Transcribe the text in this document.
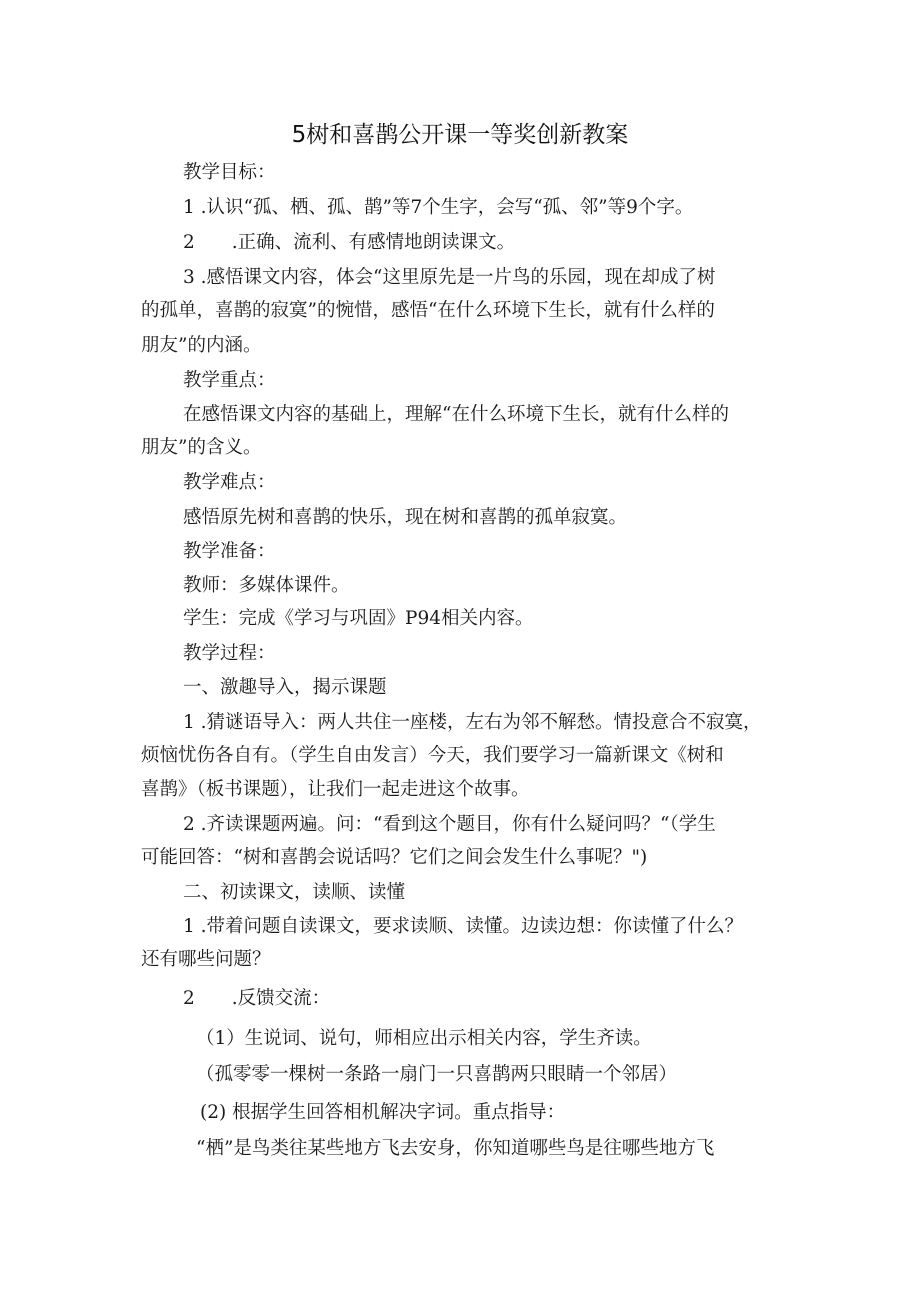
5树和喜鹊公开课一等奖创新教案
教学目标：
1 .认识“孤、栖、孤、鹊”等7个生字，会写“孤、邻”等9个字。
2　　.正确、流利、有感情地朗读课文。
3 .感悟课文内容，体会“这里原先是一片鸟的乐园，现在却成了树
的孤单，喜鹊的寂寞”的惋惜，感悟“在什么环境下生长，就有什么样的
朋友”的内涵。
教学重点：
在感悟课文内容的基础上，理解“在什么环境下生长，就有什么样的
朋友”的含义。
教学难点：
感悟原先树和喜鹊的快乐，现在树和喜鹊的孤单寂寞。
教学准备：
教师：多媒体课件。
学生：完成《学习与巩固》P94相关内容。
教学过程：
一、激趣导入，揭示课题
1 .猜谜语导入：两人共住一座楼，左右为邻不解愁。情投意合不寂寞，
烦恼忧伤各自有。（学生自由发言）今天，我们要学习一篇新课文《树和
喜鹊》（板书课题），让我们一起走进这个故事。
2 .齐读课题两遍。问：“看到这个题目，你有什么疑问吗？“（学生
可能回答：“树和喜鹊会说话吗？它们之间会发生什么事呢？")
二、初读课文，读顺、读懂
1 .带着问题自读课文，要求读顺、读懂。边读边想：你读懂了什么？
还有哪些问题？
2　　.反馈交流：
（1）生说词、说句，师相应出示相关内容，学生齐读。
（孤零零一棵树一条路一扇门一只喜鹊两只眼睛一个邻居）
(2) 根据学生回答相机解决字词。重点指导：
“栖”是鸟类往某些地方飞去安身，你知道哪些鸟是往哪些地方飞
